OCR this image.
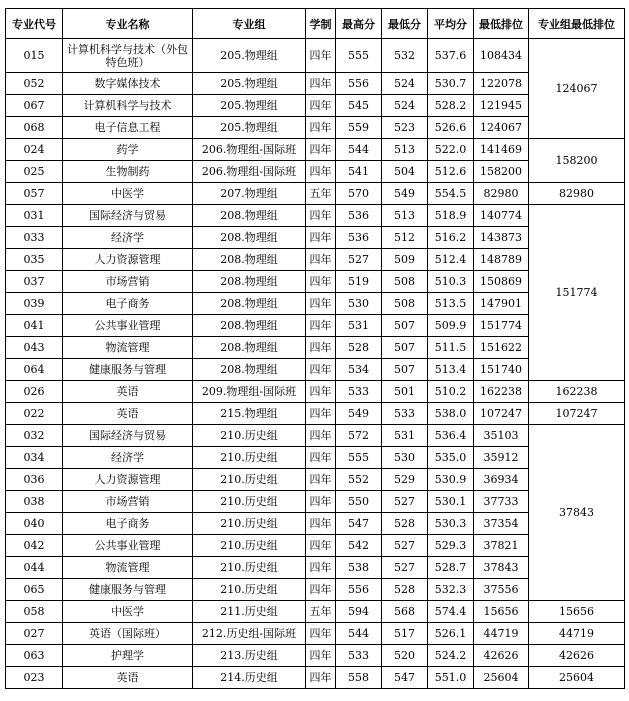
专业代号	专业名称	专业组	学制	最高分	最低分	平均分	最低排位	专业组最低排位
015	计算机科学与技术（外包特色班）	205.物理组	四年	555	532	537.6	108434	124067
052	数字媒体技术	205.物理组	四年	556	524	530.7	122078	
067	计算机科学与技术	205.物理组	四年	545	524	528.2	121945	
068	电子信息工程	205.物理组	四年	559	523	526.6	124067	
024	药学	206.物理组-国际班	四年	544	513	522.0	141469	158200
025	生物制药	206.物理组-国际班	四年	541	504	512.6	158200	
057	中医学	207.物理组	五年	570	549	554.5	82980	82980
031	国际经济与贸易	208.物理组	四年	536	513	518.9	140774	151774
033	经济学	208.物理组	四年	536	512	516.2	143873	
035	人力资源管理	208.物理组	四年	527	509	512.4	148789	
037	市场营销	208.物理组	四年	519	508	510.3	150869	
039	电子商务	208.物理组	四年	530	508	513.5	147901	
041	公共事业管理	208.物理组	四年	531	507	509.9	151774	
043	物流管理	208.物理组	四年	528	507	511.5	151622	
064	健康服务与管理	208.物理组	四年	534	507	513.4	151740	
026	英语	209.物理组-国际班	四年	533	501	510.2	162238	162238
022	英语	215.物理组	四年	549	533	538.0	107247	107247
032	国际经济与贸易	210.历史组	四年	572	531	536.4	35103	37843
034	经济学	210.历史组	四年	555	530	535.0	35912	
036	人力资源管理	210.历史组	四年	552	529	530.9	36934	
038	市场营销	210.历史组	四年	550	527	530.1	37733	
040	电子商务	210.历史组	四年	547	528	530.3	37354	
042	公共事业管理	210.历史组	四年	542	527	529.3	37821	
044	物流管理	210.历史组	四年	538	527	528.7	37843	
065	健康服务与管理	210.历史组	四年	556	528	532.3	37556	
058	中医学	211.历史组	五年	594	568	574.4	15656	15656
027	英语（国际班）	212.历史组-国际班	四年	544	517	526.1	44719	44719
063	护理学	213.历史组	四年	533	520	524.2	42626	42626
023	英语	214.历史组	四年	558	547	551.0	25604	25604
